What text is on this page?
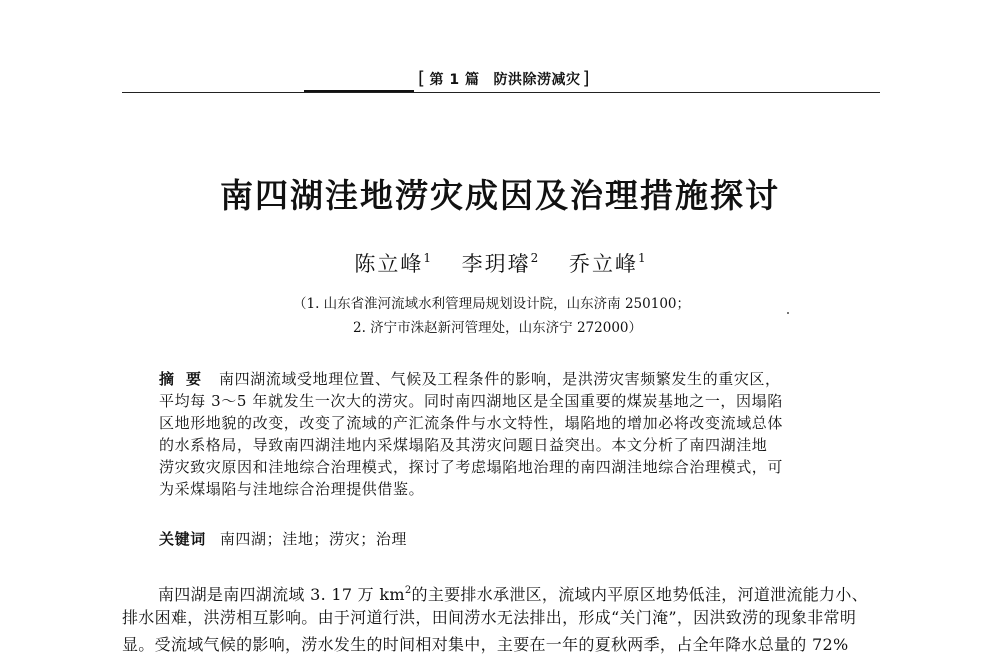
[ 第 1 篇 防洪除涝减灾 ]
南四湖洼地涝灾成因及治理措施探讨
陈立峰$^1$ 李玥璿$^2$ 乔立峰$^1$
（1. 山东省淮河流域水利管理局规划设计院，山东济南 250100；
2. 济宁市洙赵新河管理处，山东济宁 272000）
摘要 南四湖流域受地理位置、气候及工程条件的影响，是洪涝灾害频繁发生的重灾区，
平均每 3～5 年就发生一次大的涝灾。同时南四湖地区是全国重要的煤炭基地之一，因塌陷
区地形地貌的改变，改变了流域的产汇流条件与水文特性，塌陷地的增加必将改变流域总体
的水系格局，导致南四湖洼地内采煤塌陷及其涝灾问题日益突出。本文分析了南四湖洼地
涝灾致灾原因和洼地综合治理模式，探讨了考虑塌陷地治理的南四湖洼地综合治理模式，可
为采煤塌陷与洼地综合治理提供借鉴。
关键词 南四湖；洼地；涝灾；治理
南四湖是南四湖流域 3. 17 万 $km^2$的主要排水承泄区，流域内平原区地势低洼，河道泄流能力小、
排水困难，洪涝相互影响。由于河道行洪，田间涝水无法排出，形成“关门淹”，因洪致涝的现象非常明
显。受流域气候的影响，涝水发生的时间相对集中，主要在一年的夏秋两季，占全年降水总量的 72%
